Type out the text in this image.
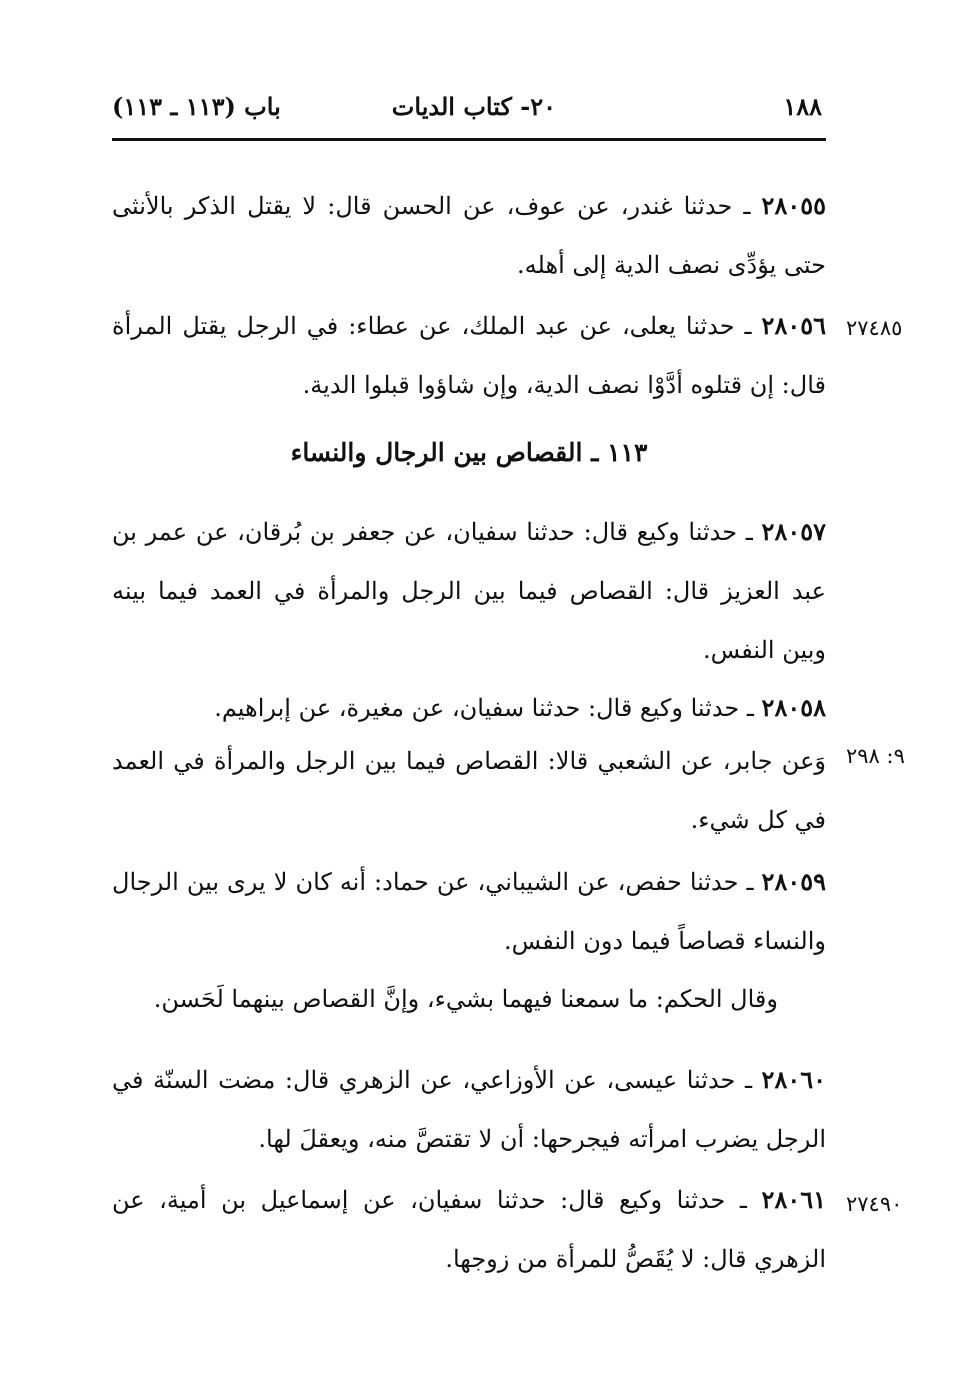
١٨٨
٢٠- كتاب الديات
باب (١١٣ ـ ١١٣)
٢٨٠٥٥ ـ حدثنا غندر، عن عوف، عن الحسن قال: لا يقتل الذكر بالأنثى حتى يؤدِّى نصف الدية إلى أهله.
٢٧٤٨٥
٢٨٠٥٦ ـ حدثنا يعلى، عن عبد الملك، عن عطاء: في الرجل يقتل المرأة قال: إن قتلوه أدَّوْا نصف الدية، وإن شاؤوا قبلوا الدية.
١١٣ ـ القصاص بين الرجال والنساء
٢٨٠٥٧ ـ حدثنا وكيع قال: حدثنا سفيان، عن جعفر بن بُرقان، عن عمر بن عبد العزيز قال: القصاص فيما بين الرجل والمرأة في العمد فيما بينه وبين النفس.
٢٨٠٥٨ ـ حدثنا وكيع قال: حدثنا سفيان، عن مغيرة، عن إبراهيم.
٩: ٢٩٨
وَعن جابر، عن الشعبي قالا: القصاص فيما بين الرجل والمرأة في العمد في كل شيء.
٢٨٠٥٩ ـ حدثنا حفص، عن الشيباني، عن حماد: أنه كان لا يرى بين الرجال والنساء قصاصاً فيما دون النفس.
وقال الحكم: ما سمعنا فيهما بشيء، وإنَّ القصاص بينهما لَحَسن.
٢٨٠٦٠ ـ حدثنا عيسى، عن الأوزاعي، عن الزهري قال: مضت السنّة في الرجل يضرب امرأته فيجرحها: أن لا تقتصَّ منه، ويعقلَ لها.
٢٧٤٩٠
٢٨٠٦١ ـ حدثنا وكيع قال: حدثنا سفيان، عن إسماعيل بن أمية، عن الزهري قال: لا يُقَصُّ للمرأة من زوجها.
